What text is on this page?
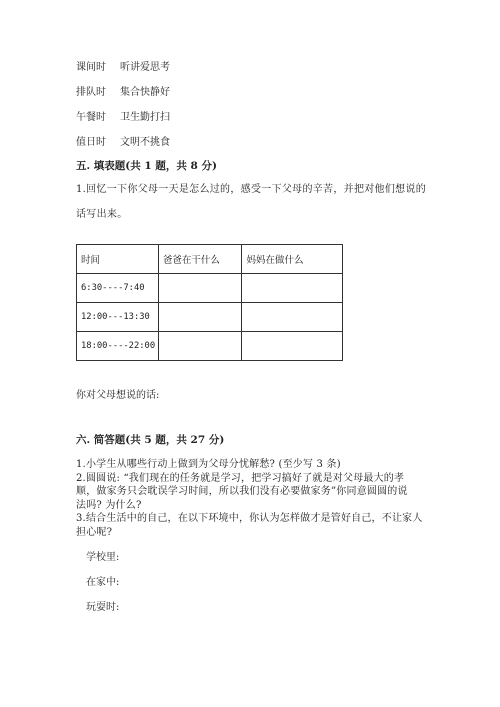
课间时 听讲爱思考
排队时 集合快静好
午餐时 卫生勤打扫
值日时 文明不挑食
五. 填表题(共 1 题，共 8 分)
1.回忆一下你父母一天是怎么过的，感受一下父母的辛苦，并把对他们想说的
话写出来。
时间	爸爸在干什么	妈妈在做什么
6:30----7:40		
12:00---13:30		
18:00----22:00		
你对父母想说的话:
六. 简答题(共 5 题，共 27 分)
1.小学生从哪些行动上做到为父母分忧解愁? (至少写 3 条)
2.圆圆说: “我们现在的任务就是学习，把学习搞好了就是对父母最大的孝
顺，做家务只会耽误学习时间，所以我们没有必要做家务”你同意圆圆的说
法吗? 为什么?
3.结合生活中的自己，在以下环境中，你认为怎样做才是管好自己，不让家人
担心呢?
学校里:
在家中:
玩耍时:
